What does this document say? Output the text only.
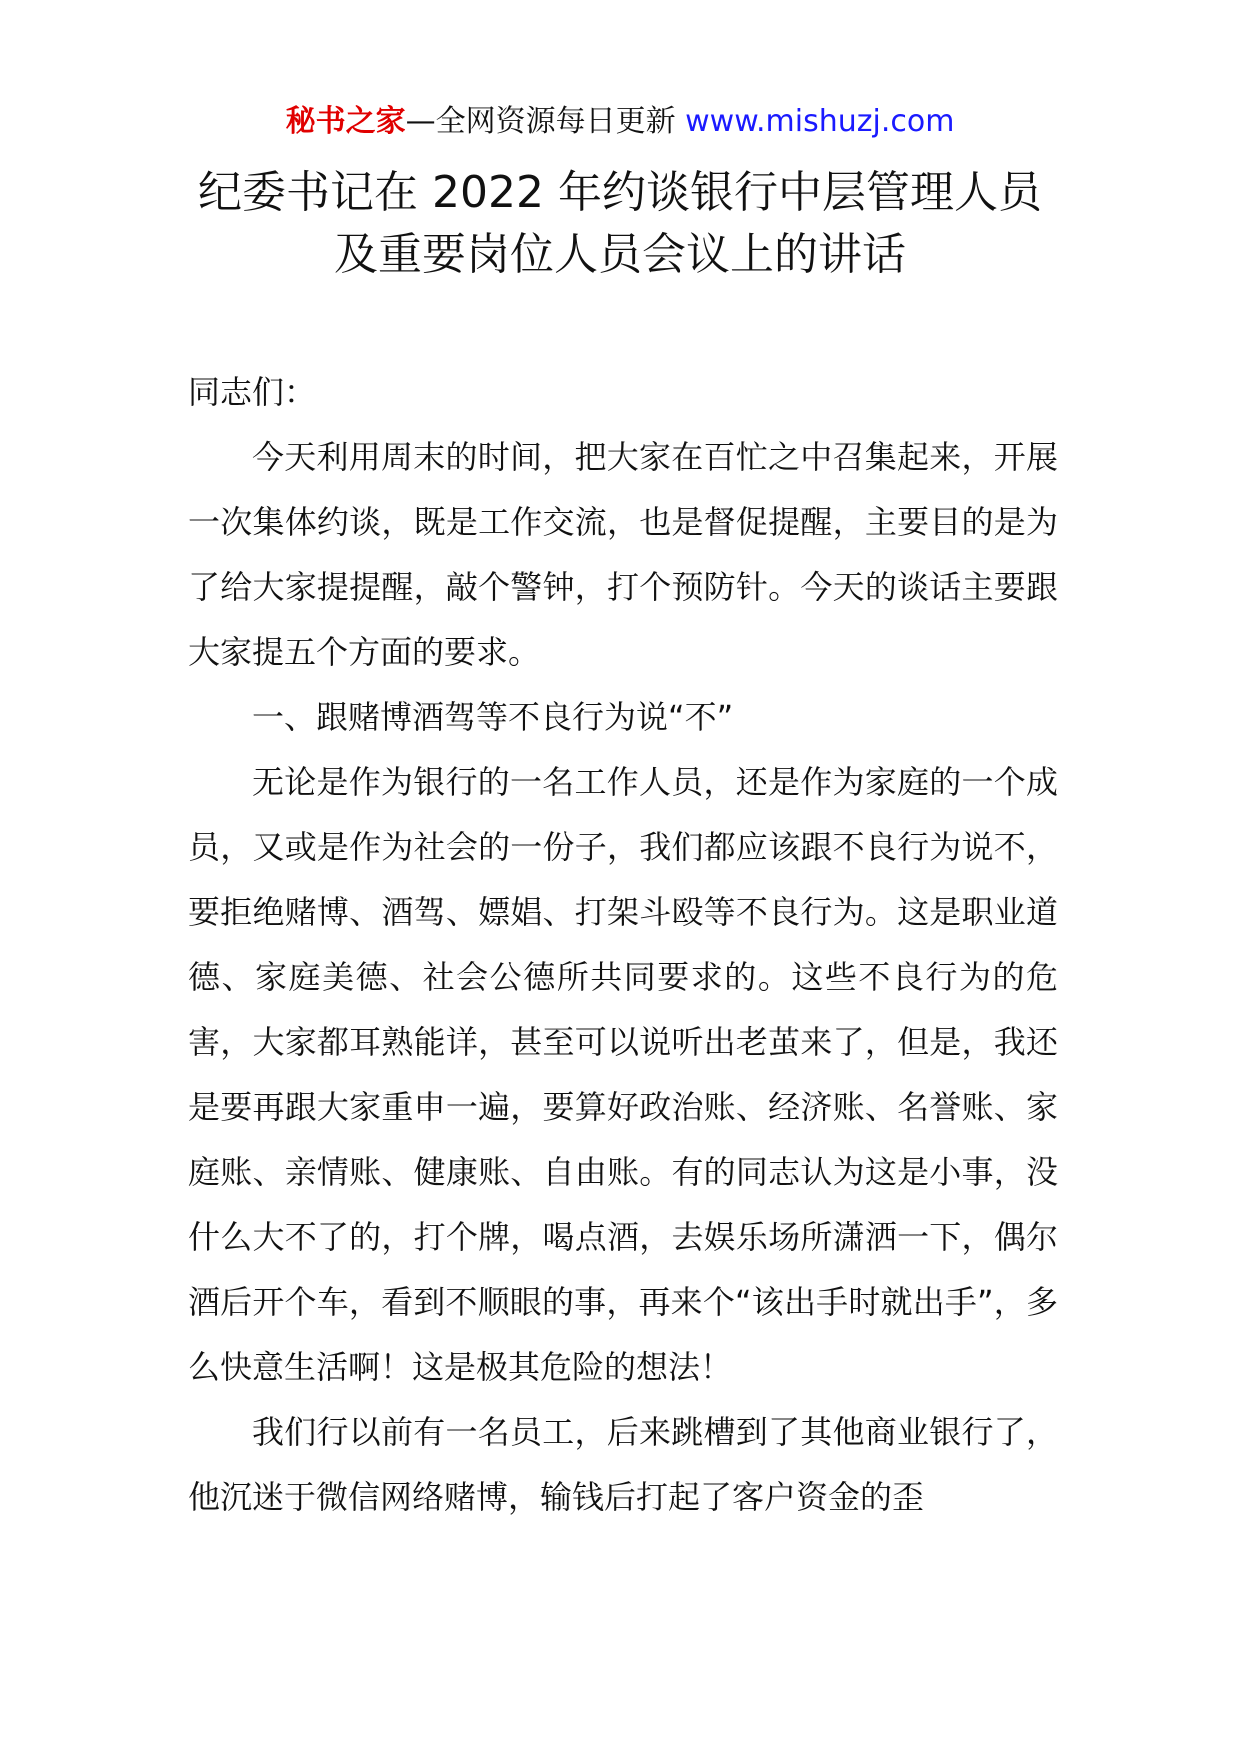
秘书之家—全网资源每日更新 www.mishuzj.com
纪委书记在 2022 年约谈银行中层管理人员
及重要岗位人员会议上的讲话

同志们：

今天利用周末的时间，把大家在百忙之中召集起来，开展一次集体约谈，既是工作交流，也是督促提醒，主要目的是为了给大家提提醒，敲个警钟，打个预防针。今天的谈话主要跟大家提五个方面的要求。

一、跟赌博酒驾等不良行为说“不”

无论是作为银行的一名工作人员，还是作为家庭的一个成员，又或是作为社会的一份子，我们都应该跟不良行为说不，要拒绝赌博、酒驾、嫖娼、打架斗殴等不良行为。这是职业道德、家庭美德、社会公德所共同要求的。这些不良行为的危害，大家都耳熟能详，甚至可以说听出老茧来了，但是，我还是要再跟大家重申一遍，要算好政治账、经济账、名誉账、家庭账、亲情账、健康账、自由账。有的同志认为这是小事，没什么大不了的，打个牌，喝点酒，去娱乐场所潇洒一下，偶尔酒后开个车，看到不顺眼的事，再来个“该出手时就出手”，多么快意生活啊！这是极其危险的想法！

我们行以前有一名员工，后来跳槽到了其他商业银行了，他沉迷于微信网络赌博，输钱后打起了客户资金的歪
